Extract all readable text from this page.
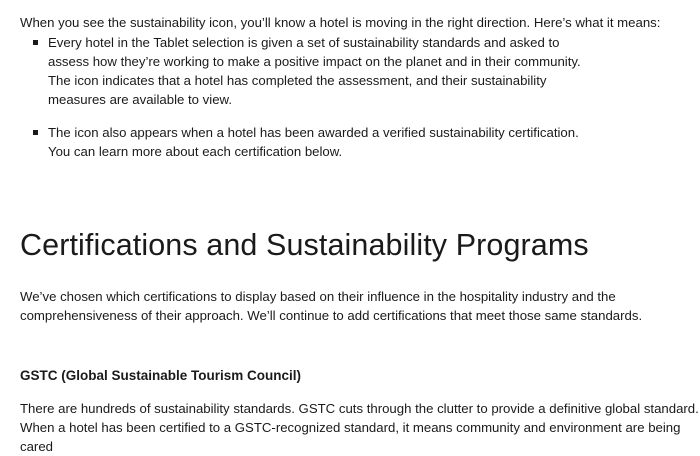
When you see the sustainability icon, you’ll know a hotel is moving in the right direction. Here’s what it means:

Every hotel in the Tablet selection is given a set of sustainability standards and asked to assess how they’re working to make a positive impact on the planet and in their community. The icon indicates that a hotel has completed the assessment, and their sustainability measures are available to view.
The icon also appears when a hotel has been awarded a verified sustainability certification. You can learn more about each certification below.
Certifications and Sustainability Programs

We’ve chosen which certifications to display based on their influence in the hospitality industry and the comprehensiveness of their approach. We’ll continue to add certifications that meet those same standards.

GSTC (Global Sustainable Tourism Council)

There are hundreds of sustainability standards. GSTC cuts through the clutter to provide a definitive global standard. When a hotel has been certified to a GSTC-recognized standard, it means community and environment are being cared
